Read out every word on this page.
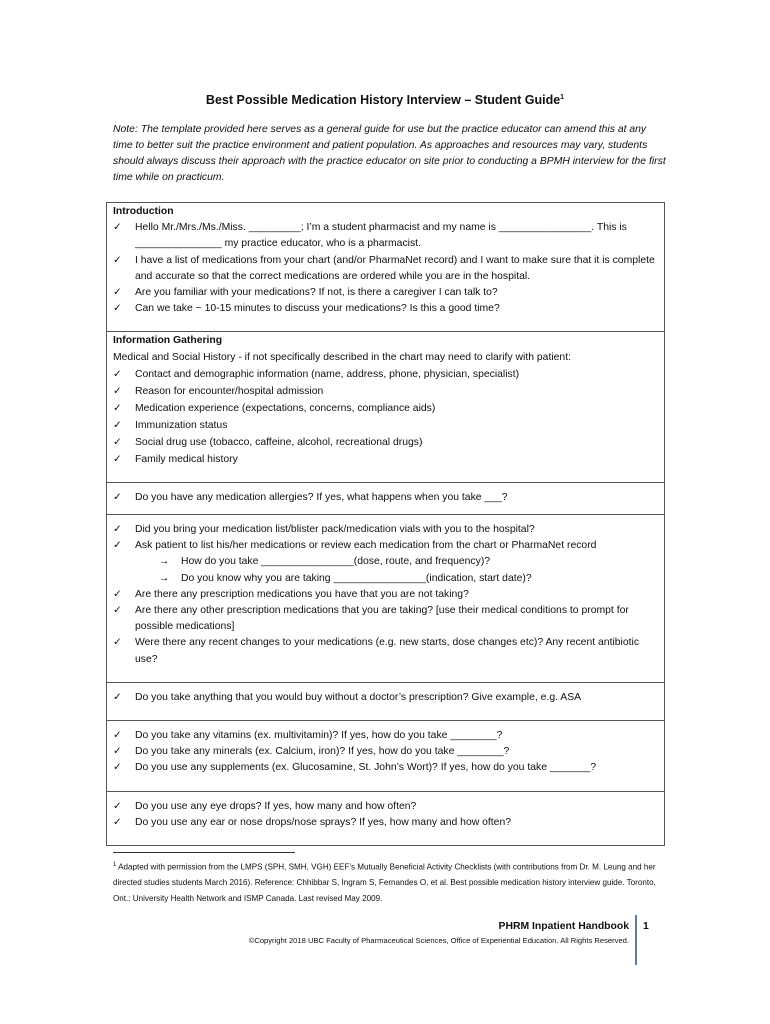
Best Possible Medication History Interview – Student Guide$^1$

Note: The template provided here serves as a general guide for use but the practice educator can amend this at any time to better suit the practice environment and patient population. As approaches and resources may vary, students should always discuss their approach with the practice educator on site prior to conducting a BPMH interview for the first time while on practicum.

Introduction
✓	Hello Mr./Mrs./Ms./Miss. _________; I’m a student pharmacist and my name is ________________. This is _______________ my practice educator, who is a pharmacist.
✓	I have a list of medications from your chart (and/or PharmaNet record) and I want to make sure that it is complete and accurate so that the correct medications are ordered while you are in the hospital.
✓	Are you familiar with your medications? If not, is there a caregiver I can talk to?
✓	Can we take ~ 10-15 minutes to discuss your medications? Is this a good time?

Information Gathering

Medical and Social History - if not specifically described in the chart may need to clarify with patient:

✓	Contact and demographic information (name, address, phone, physician, specialist)
✓	Reason for encounter/hospital admission
✓	Medication experience (expectations, concerns, compliance aids)
✓	Immunization status
✓	Social drug use (tobacco, caffeine, alcohol, recreational drugs)
✓	Family medical history

✓	Do you have any medication allergies? If yes, what happens when you take ___?

✓	Did you bring your medication list/blister pack/medication vials with you to the hospital?
✓	Ask patient to list his/her medications or review each medication from the chart or PharmaNet record
→	How do you take ________________(dose, route, and frequency)?
→	Do you know why you are taking ________________(indication, start date)?
✓	Are there any prescription medications you have that you are not taking?
✓	Are there any other prescription medications that you are taking? [use their medical conditions to prompt for possible medications]
✓	Were there any recent changes to your medications (e.g. new starts, dose changes etc)? Any recent antibiotic use?

✓	Do you take anything that you would buy without a doctor’s prescription? Give example, e.g. ASA

✓	Do you take any vitamins (ex. multivitamin)? If yes, how do you take ________?
✓	Do you take any minerals (ex. Calcium, iron)? If yes, how do you take ________?
✓	Do you use any supplements (ex. Glucosamine, St. John’s Wort)? If yes, how do you take _______?

✓	Do you use any eye drops? If yes, how many and how often?
✓	Do you use any ear or nose drops/nose sprays? If yes, how many and how often?

$^1$ Adapted with permission from the LMPS (SPH, SMH, VGH) EEF’s Mutually Beneficial Activity Checklists (with contributions from Dr. M. Leung and her directed studies students March 2016). Reference: Chhibbar S, Ingram S, Fernandes O, et al. Best possible medication history interview guide. Toronto, Ont.: University Health Network and ISMP Canada. Last revised May 2009.

PHRM Inpatient Handbook 1
©Copyright 2018 UBC Faculty of Pharmaceutical Sciences, Office of Experiential Education. All Rights Reserved.
